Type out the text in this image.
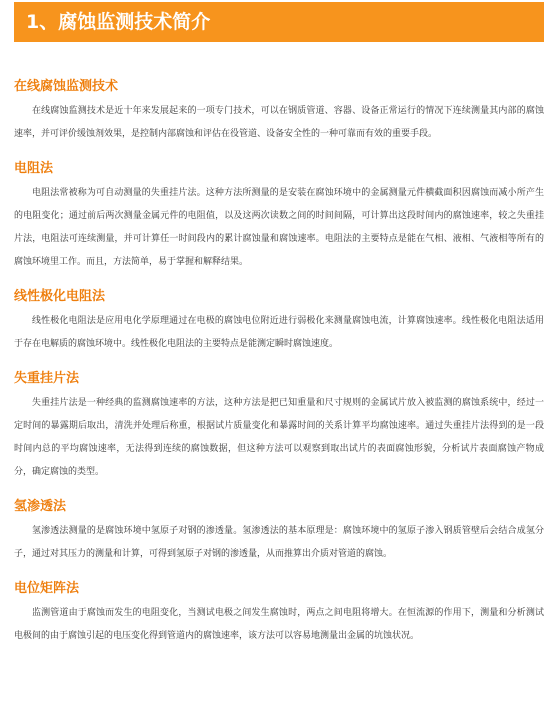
1、腐蚀监测技术简介
在线腐蚀监测技术

在线腐蚀监测技术是近十年来发展起来的一项专门技术，可以在钢质管道、容器、设备正常运行的情况下连续测量其内部的腐蚀速率，并可评价缓蚀剂效果，是控制内部腐蚀和评估在役管道、设备安全性的一种可靠而有效的重要手段。

电阻法

电阻法常被称为可自动测量的失重挂片法。这种方法所测量的是安装在腐蚀环境中的金属测量元件横截面积因腐蚀而减小所产生的电阻变化；通过前后两次测量金属元件的电阻值，以及这两次读数之间的时间间隔，可计算出这段时间内的腐蚀速率，较之失重挂片法，电阻法可连续测量，并可计算任一时间段内的累计腐蚀量和腐蚀速率。电阻法的主要特点是能在气相、液相、气液相等所有的腐蚀环境里工作。而且，方法简单，易于掌握和解释结果。

线性极化电阻法

线性极化电阻法是应用电化学原理通过在电极的腐蚀电位附近进行弱极化来测量腐蚀电流，计算腐蚀速率。线性极化电阻法适用于存在电解质的腐蚀环境中。线性极化电阻法的主要特点是能测定瞬时腐蚀速度。

失重挂片法

失重挂片法是一种经典的监测腐蚀速率的方法，这种方法是把已知重量和尺寸规则的金属试片放入被监测的腐蚀系统中，经过一定时间的暴露期后取出，清洗并处理后称重，根据试片质量变化和暴露时间的关系计算平均腐蚀速率。通过失重挂片法得到的是一段时间内总的平均腐蚀速率，无法得到连续的腐蚀数据，但这种方法可以观察到取出试片的表面腐蚀形貌，分析试片表面腐蚀产物成分，确定腐蚀的类型。

氢渗透法

氢渗透法测量的是腐蚀环境中氢原子对钢的渗透量。氢渗透法的基本原理是：腐蚀环境中的氢原子渗入钢质管壁后会结合成氢分子，通过对其压力的测量和计算，可得到氢原子对钢的渗透量，从而推算出介质对管道的腐蚀。

电位矩阵法

监测管道由于腐蚀而发生的电阻变化，当测试电极之间发生腐蚀时，两点之间电阻将增大。在恒流源的作用下，测量和分析测试电极间的由于腐蚀引起的电压变化得到管道内的腐蚀速率，该方法可以容易地测量出金属的坑蚀状况。
